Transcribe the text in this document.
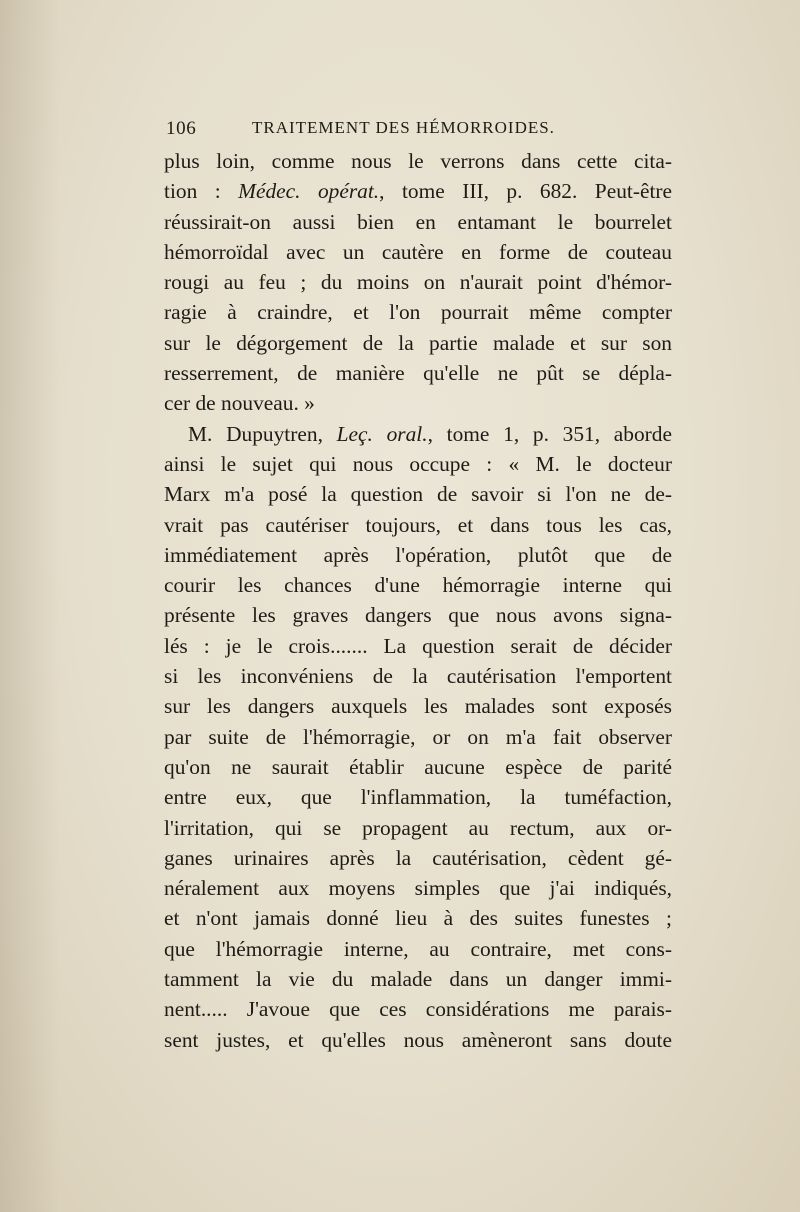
106	TRAITEMENT DES HÉMORROIDES.
plus loin, comme nous le verrons dans cette cita-
tion : Médec. opérat., tome III, p. 682. Peut-être
réussirait-on aussi bien en entamant le bourrelet
hémorroïdal avec un cautère en forme de couteau
rougi au feu ; du moins on n'aurait point d'hémor-
ragie à craindre, et l'on pourrait même compter
sur le dégorgement de la partie malade et sur son
resserrement, de manière qu'elle ne pût se dépla-
cer de nouveau. »
M. Dupuytren, Leç. oral., tome 1, p. 351, aborde
ainsi le sujet qui nous occupe : « M. le docteur
Marx m'a posé la question de savoir si l'on ne de-
vrait pas cautériser toujours, et dans tous les cas,
immédiatement après l'opération, plutôt que de
courir les chances d'une hémorragie interne qui
présente les graves dangers que nous avons signa-
lés : je le crois....... La question serait de décider
si les inconvéniens de la cautérisation l'emportent
sur les dangers auxquels les malades sont exposés
par suite de l'hémorragie, or on m'a fait observer
qu'on ne saurait établir aucune espèce de parité
entre eux, que l'inflammation, la tuméfaction,
l'irritation, qui se propagent au rectum, aux or-
ganes urinaires après la cautérisation, cèdent gé-
néralement aux moyens simples que j'ai indiqués,
et n'ont jamais donné lieu à des suites funestes ;
que l'hémorragie interne, au contraire, met cons-
tamment la vie du malade dans un danger immi-
nent..... J'avoue que ces considérations me parais-
sent justes, et qu'elles nous amèneront sans doute
